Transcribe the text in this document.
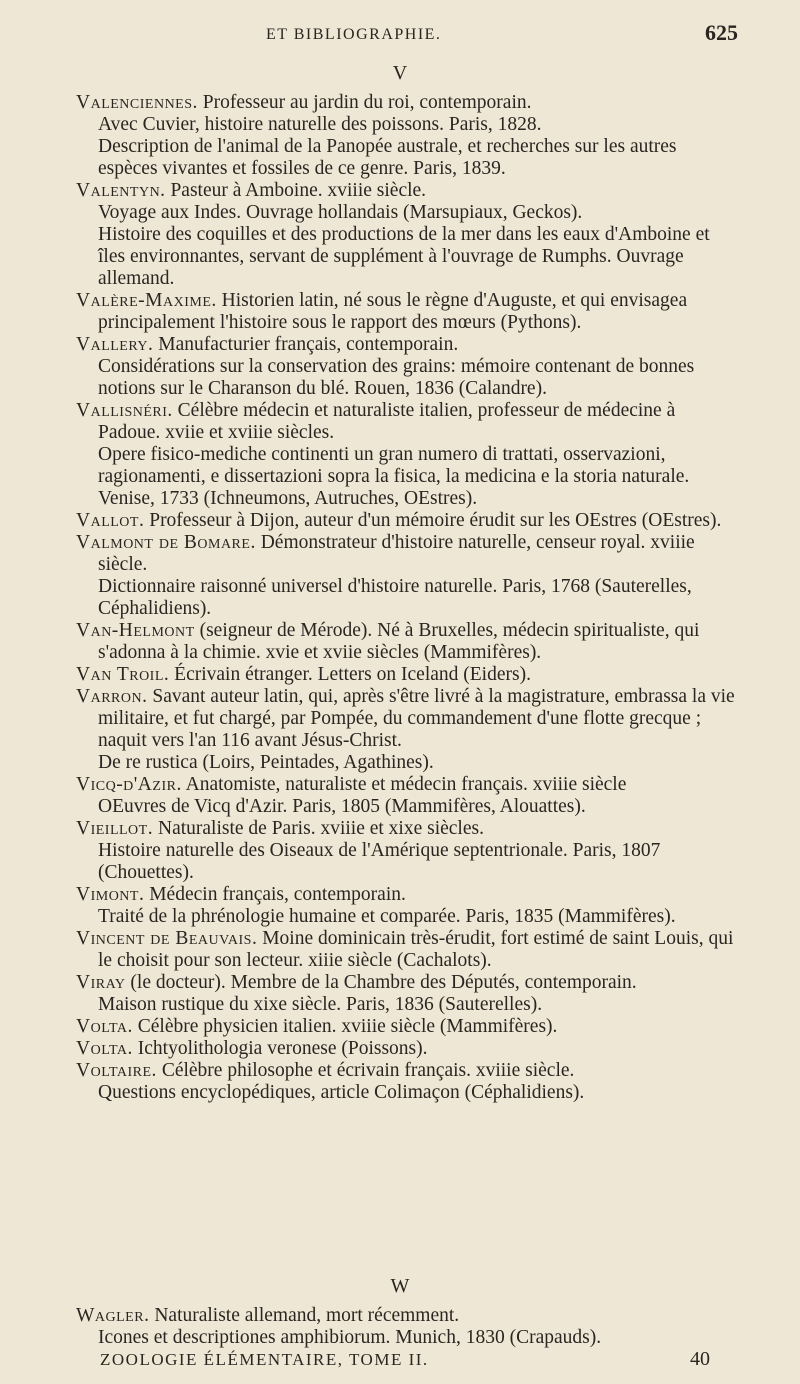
ET BIBLIOGRAPHIE.	625
V

Valenciennes. Professeur au jardin du roi, contemporain.

Avec Cuvier, histoire naturelle des poissons. Paris, 1828.

Description de l'animal de la Panopée australe, et recherches sur les autres espèces vivantes et fossiles de ce genre. Paris, 1839.

Valentyn. Pasteur à Amboine. xviiie siècle.

Voyage aux Indes. Ouvrage hollandais (Marsupiaux, Geckos).

Histoire des coquilles et des productions de la mer dans les eaux d'Amboine et îles environnantes, servant de supplément à l'ouvrage de Rumphs. Ouvrage allemand.

Valère-Maxime. Historien latin, né sous le règne d'Auguste, et qui envisagea principalement l'histoire sous le rapport des mœurs (Pythons).

Vallery. Manufacturier français, contemporain.

Considérations sur la conservation des grains: mémoire contenant de bonnes notions sur le Charanson du blé. Rouen, 1836 (Calandre).

Vallisnéri. Célèbre médecin et naturaliste italien, professeur de médecine à Padoue. xviie et xviiie siècles.

Opere fisico-mediche continenti un gran numero di trattati, osservazioni, ragionamenti, e dissertazioni sopra la fisica, la medicina e la storia naturale. Venise, 1733 (Ichneumons, Autruches, OEstres).

Vallot. Professeur à Dijon, auteur d'un mémoire érudit sur les OEstres (OEstres).

Valmont de Bomare. Démonstrateur d'histoire naturelle, censeur royal. xviiie siècle.

Dictionnaire raisonné universel d'histoire naturelle. Paris, 1768 (Sauterelles, Céphalidiens).

Van-Helmont (seigneur de Mérode). Né à Bruxelles, médecin spiritualiste, qui s'adonna à la chimie. xvie et xviie siècles (Mammifères).

Van Troil. Écrivain étranger. Letters on Iceland (Eiders).

Varron. Savant auteur latin, qui, après s'être livré à la magistrature, embrassa la vie militaire, et fut chargé, par Pompée, du commandement d'une flotte grecque ; naquit vers l'an 116 avant Jésus-Christ.

De re rustica (Loirs, Peintades, Agathines).

Vicq-d'Azir. Anatomiste, naturaliste et médecin français. xviiie siècle

OEuvres de Vicq d'Azir. Paris, 1805 (Mammifères, Alouattes).

Vieillot. Naturaliste de Paris. xviiie et xixe siècles.

Histoire naturelle des Oiseaux de l'Amérique septentrionale. Paris, 1807 (Chouettes).

Vimont. Médecin français, contemporain.

Traité de la phrénologie humaine et comparée. Paris, 1835 (Mammifères).

Vincent de Beauvais. Moine dominicain très-érudit, fort estimé de saint Louis, qui le choisit pour son lecteur. xiiie siècle (Cachalots).

Viray (le docteur). Membre de la Chambre des Députés, contemporain.

Maison rustique du xixe siècle. Paris, 1836 (Sauterelles).

Volta. Célèbre physicien italien. xviiie siècle (Mammifères).

Volta. Ichtyolithologia veronese (Poissons).

Voltaire. Célèbre philosophe et écrivain français. xviiie siècle.

Questions encyclopédiques, article Colimaçon (Céphalidiens).

W

Wagler. Naturaliste allemand, mort récemment.

Icones et descriptiones amphibiorum. Munich, 1830 (Crapauds).

ZOOLOGIE ÉLÉMENTAIRE, TOME II.	40
